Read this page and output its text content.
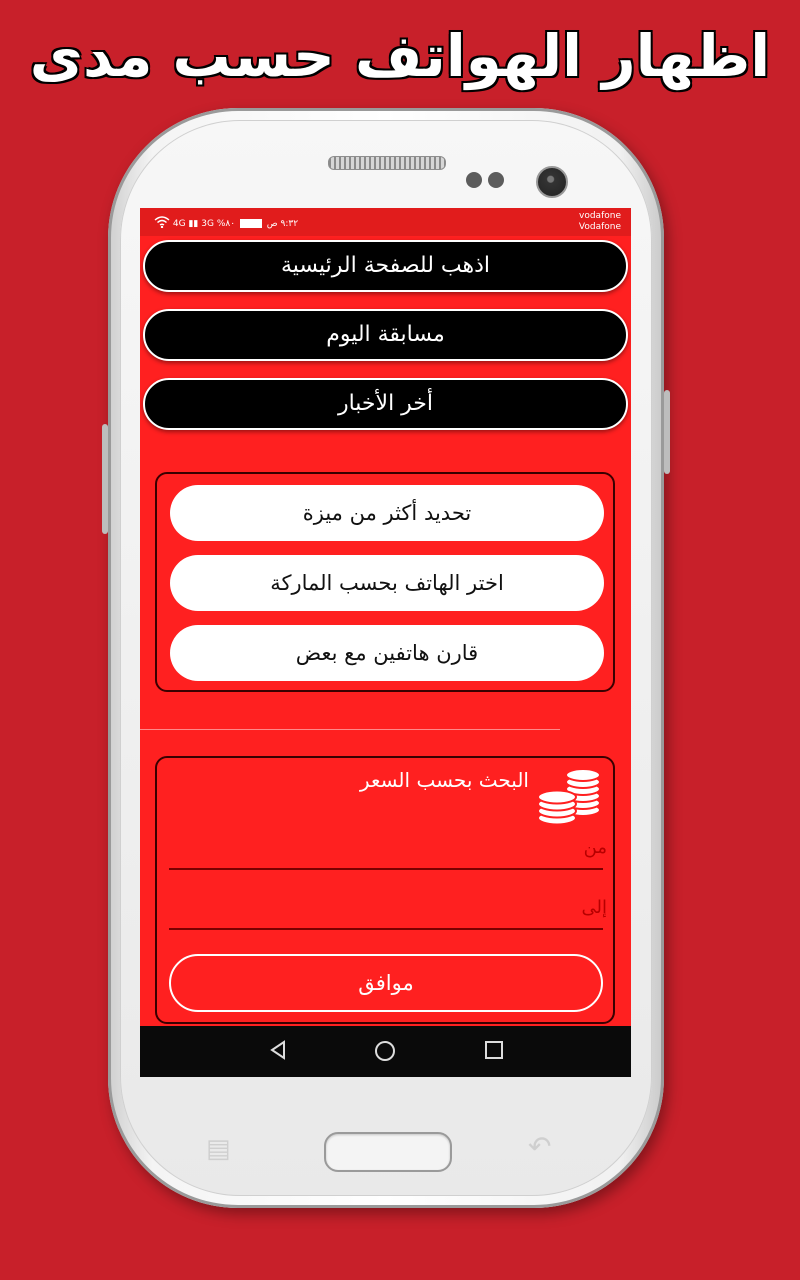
اظهار الهواتف حسب مدى
▤	↶
٩:٣٢ ص  ٨٠% 4G ▮▮ 3G
vodafone
Vodafone
اذهب للصفحة الرئيسية
مسابقة اليوم
أخر الأخبار
تحديد أكثر من ميزة
اختر الهاتف بحسب الماركة
قارن هاتفين مع بعض
البحث بحسب السعر
من
إلى
موافق
